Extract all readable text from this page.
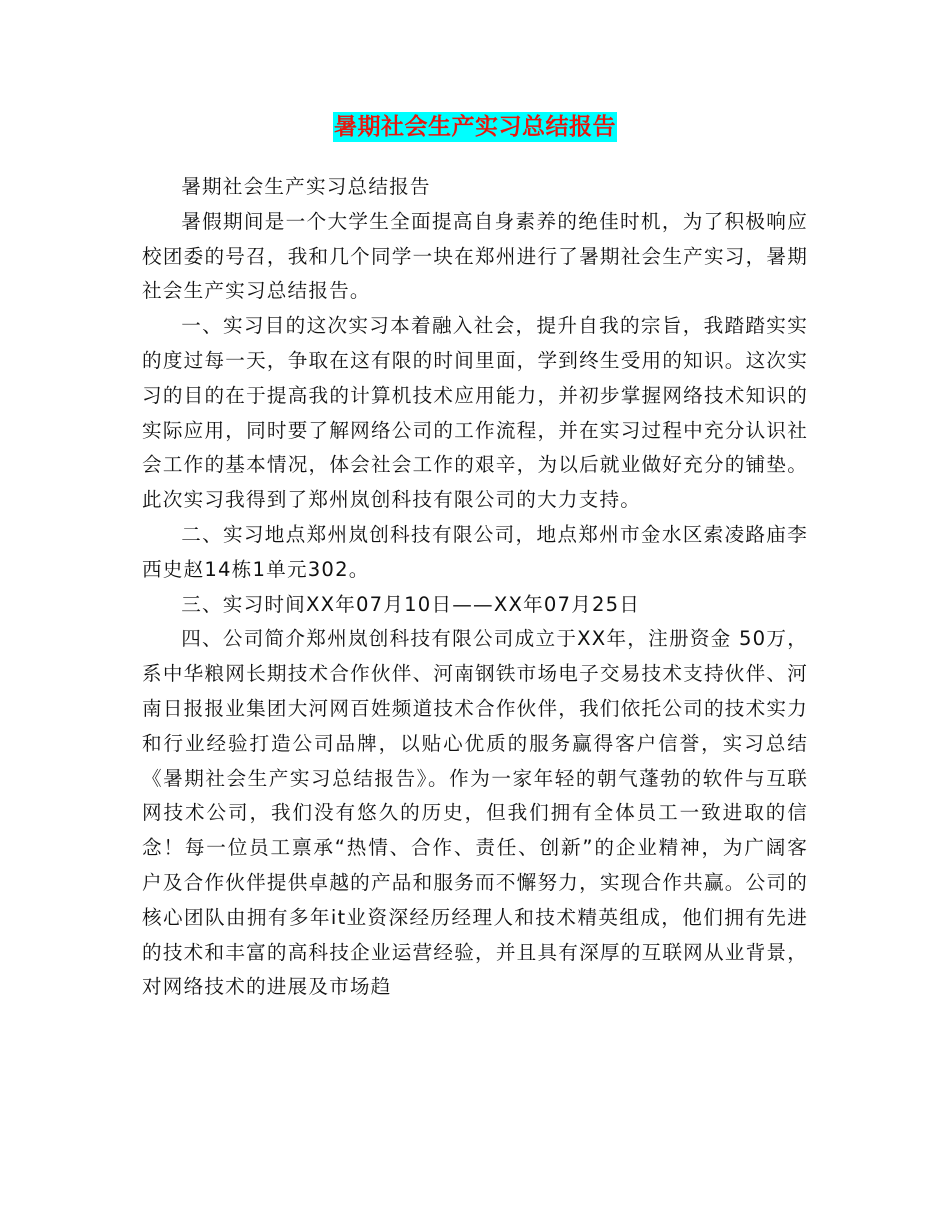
暑期社会生产实习总结报告

暑期社会生产实习总结报告

暑假期间是一个大学生全面提高自身素养的绝佳时机，为了积极响应校团委的号召，我和几个同学一块在郑州进行了暑期社会生产实习，暑期社会生产实习总结报告。

一、实习目的这次实习本着融入社会，提升自我的宗旨，我踏踏实实的度过每一天，争取在这有限的时间里面，学到终生受用的知识。这次实习的目的在于提高我的计算机技术应用能力，并初步掌握网络技术知识的实际应用，同时要了解网络公司的工作流程，并在实习过程中充分认识社会工作的基本情况，体会社会工作的艰辛，为以后就业做好充分的铺垫。此次实习我得到了郑州岚创科技有限公司的大力支持。

二、实习地点郑州岚创科技有限公司，地点郑州市金水区索凌路庙李西史赵14栋1单元302。

三、实习时间XX年07月10日——XX年07月25日

四、公司简介郑州岚创科技有限公司成立于XX年，注册资金 50万，系中华粮网长期技术合作伙伴、河南钢铁市场电子交易技术支持伙伴、河南日报报业集团大河网百姓频道技术合作伙伴，我们依托公司的技术实力和行业经验打造公司品牌，以贴心优质的服务赢得客户信誉，实习总结《暑期社会生产实习总结报告》。作为一家年轻的朝气蓬勃的软件与互联网技术公司，我们没有悠久的历史，但我们拥有全体员工一致进取的信念！每一位员工禀承“热情、合作、责任、创新”的企业精神，为广阔客户及合作伙伴提供卓越的产品和服务而不懈努力，实现合作共赢。公司的核心团队由拥有多年it业资深经历经理人和技术精英组成，他们拥有先进的技术和丰富的高科技企业运营经验，并且具有深厚的互联网从业背景，对网络技术的进展及市场趋
